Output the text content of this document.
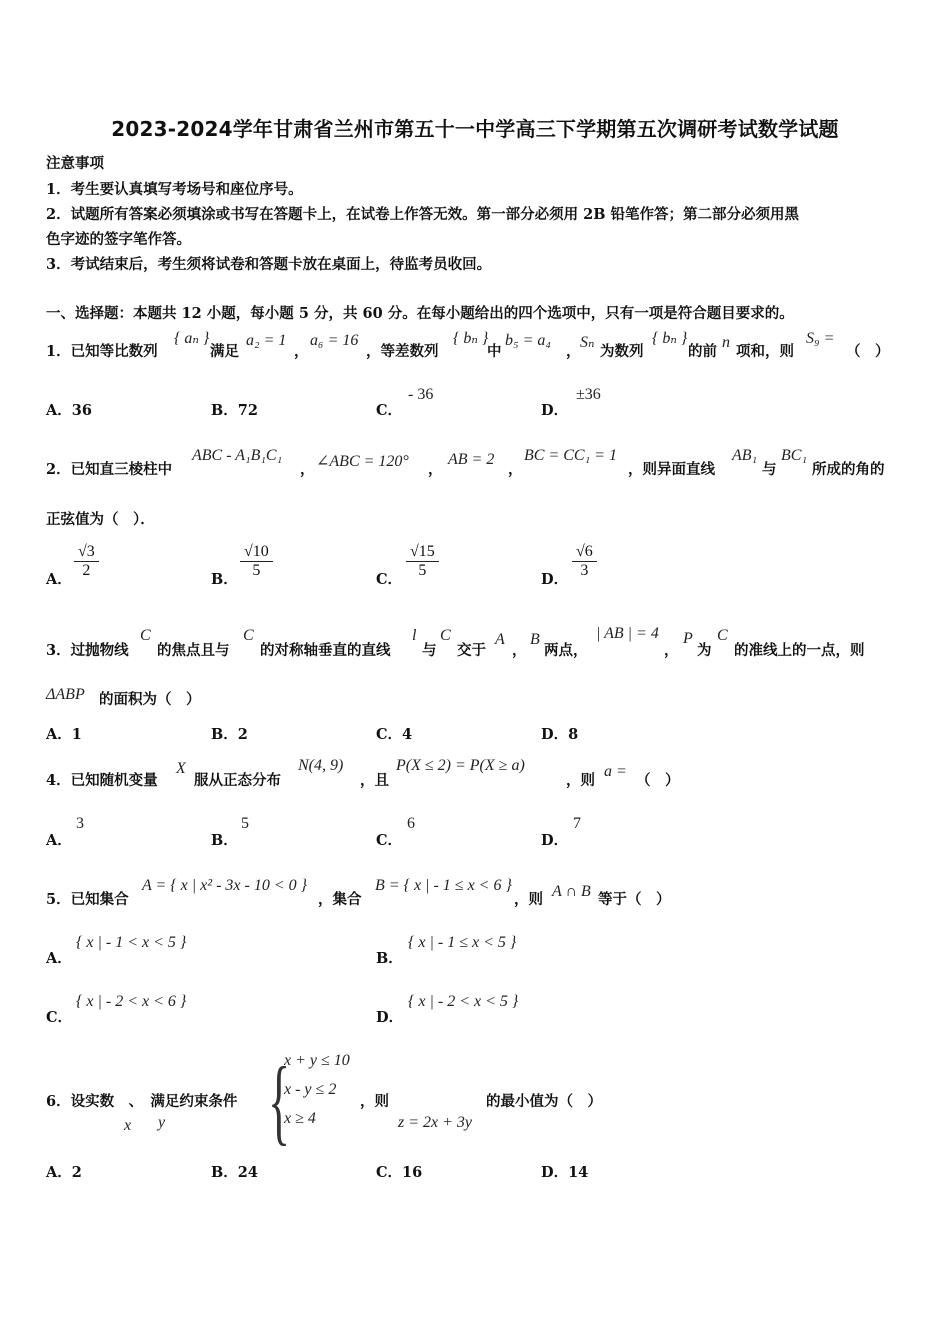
2023-2024学年甘肃省兰州市第五十一中学高三下学期第五次调研考试数学试题
注意事项
1．考生要认真填写考场号和座位序号。
2．试题所有答案必须填涂或书写在答题卡上，在试卷上作答无效。第一部分必须用 2B 铅笔作答；第二部分必须用黑
色字迹的签字笔作答。
3．考试结束后，考生须将试卷和答题卡放在桌面上，待监考员收回。
一、选择题：本题共 12 小题，每小题 5 分，共 60 分。在每小题给出的四个选项中，只有一项是符合题目要求的。
1．已知等比数列
{ aₙ }
满足
a₂ = 1
，
a₆ = 16
，等差数列
{ bₙ }
中
b₅ = a₄
，
Sₙ
为数列
{ bₙ }
的前
n
项和，则
S₉ =
（　）
A．36	B．72	C．
- 36
D．
±36
2．已知直三棱柱中
ABC - A₁B₁C₁
， ∠ABC = 120° ，
AB = 2
，
BC = CC₁ = 1
，则异面直线
AB₁
与
BC₁
所成的角的
正弦值为（　）．
A． $\frac{√3}{2}$	B． $\frac{√10}{5}$	C． $\frac{√15}{5}$	D． $\frac{√6}{3}$
3．过抛物线
C
的焦点且与
C
的对称轴垂直的直线
l
与
C
交于
A
，
B
两点，
| AB | = 4
，
P
为
C
的准线上的一点，则
ΔABP 的面积为（　）
A．1	B．2	C．4	D．8
4．已知随机变量
X
服从正态分布
N(4, 9)
，且
P(X ≤ 2) = P(X ≥ a)
，则
a =
（　）
A．
3
B．
5
C．
6
D．
7
5．已知集合
A = { x | x² - 3x - 10 < 0 }
，集合
B = { x | - 1 ≤ x < 6 }
，则 A ∩ B 等于（　）
A．
{ x | - 1 < x < 5 }
B．
{ x | - 1 ≤ x < 5 }
C．
{ x | - 2 < x < 6 }
D．
{ x | - 2 < x < 5 }
6．设实数　、　满足约束条件
x y {
x + y ≤ 10
x - y ≤ 2
x ≥ 4
，则
z = 2x + 3y
的最小值为（　）
A．2	B．24	C．16	D．14
